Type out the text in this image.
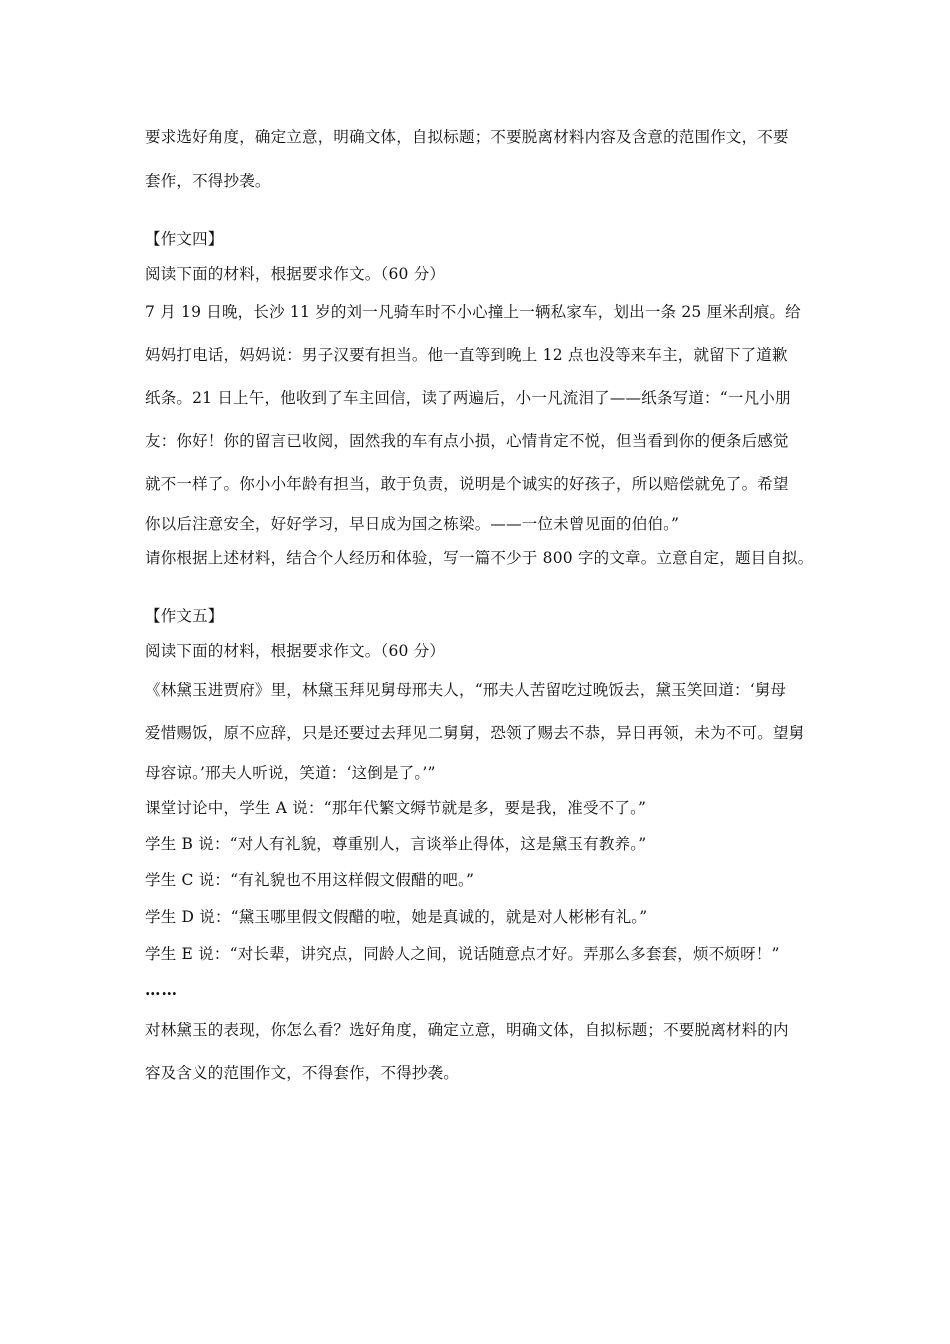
要求选好角度，确定立意，明确文体，自拟标题；不要脱离材料内容及含意的范围作文，不要

套作，不得抄袭。

【作文四】

阅读下面的材料，根据要求作文。（60 分）

7 月 19 日晚，长沙 11 岁的刘一凡骑车时不小心撞上一辆私家车，划出一条 25 厘米刮痕。给

妈妈打电话，妈妈说：男子汉要有担当。他一直等到晚上 12 点也没等来车主，就留下了道歉

纸条。21 日上午，他收到了车主回信，读了两遍后，小一凡流泪了——纸条写道：“一凡小朋

友：你好！你的留言已收阅，固然我的车有点小损，心情肯定不悦，但当看到你的便条后感觉

就不一样了。你小小年龄有担当，敢于负责，说明是个诚实的好孩子，所以赔偿就免了。希望

你以后注意安全，好好学习，早日成为国之栋梁。——一位未曾见面的伯伯。”

请你根据上述材料，结合个人经历和体验，写一篇不少于 800 字的文章。立意自定，题目自拟。

【作文五】

阅读下面的材料，根据要求作文。（60 分）

《林黛玉进贾府》里，林黛玉拜见舅母邢夫人，“邢夫人苦留吃过晚饭去，黛玉笑回道：‘舅母

爱惜赐饭，原不应辞，只是还要过去拜见二舅舅，恐领了赐去不恭，异日再领，未为不可。望舅

母容谅。’邢夫人听说，笑道：‘这倒是了。’”

课堂讨论中，学生 A 说：“那年代繁文缛节就是多，要是我，准受不了。”

学生 B 说：“对人有礼貌，尊重别人，言谈举止得体，这是黛玉有教养。”

学生 C 说：“有礼貌也不用这样假文假醋的吧。”

学生 D 说：“黛玉哪里假文假醋的啦，她是真诚的，就是对人彬彬有礼。”

学生 E 说：“对长辈，讲究点，同龄人之间，说话随意点才好。弄那么多套套，烦不烦呀！”

……

对林黛玉的表现，你怎么看？选好角度，确定立意，明确文体，自拟标题；不要脱离材料的内

容及含义的范围作文，不得套作，不得抄袭。
